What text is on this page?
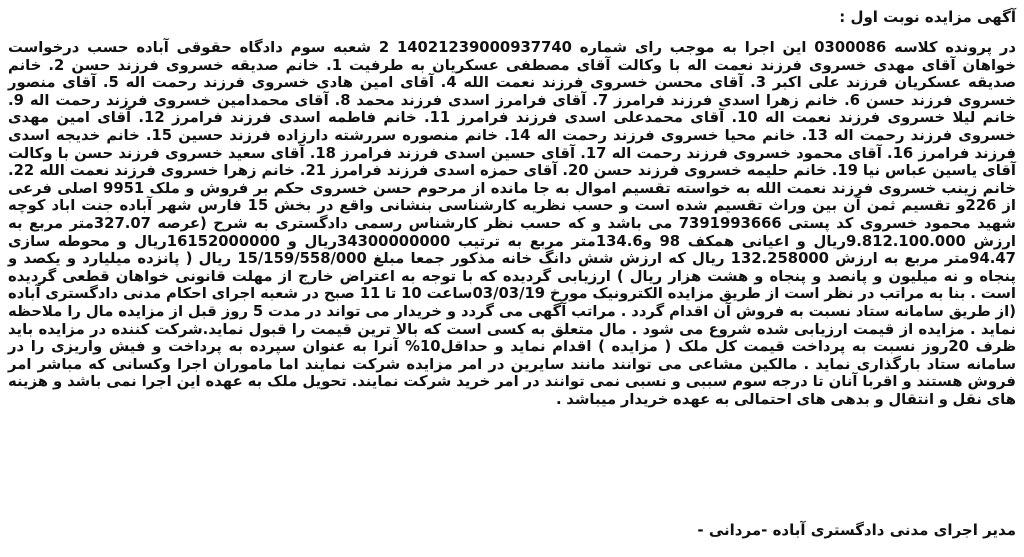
آگهی مزایده نوبت اول :
در پرونده کلاسه 0300086 این اجرا به موجب رای شماره 14021239000937740 2 شعبه سوم دادگاه حقوقی آباده حسب درخواست خواهان آقای مهدی خسروی فرزند نعمت اله با وکالت آقای مصطفی عسکریان به طرفیت 1. خانم صدیقه خسروی فرزند حسن 2. خانم صدیقه عسکریان فرزند علی اکبر 3. آقای محسن خسروی فرزند نعمت الله 4. آقای امین هادی خسروی فرزند رحمت اله 5. آقای منصور خسروی فرزند حسن 6. خانم زهرا اسدی فرزند فرامرز 7. آقای فرامرز اسدی فرزند محمد 8. آقای محمدامین خسروی فرزند رحمت اله 9. خانم لیلا خسروی فرزند نعمت اله 10. آقای محمدعلی اسدی فرزند فرامرز 11. خانم فاطمه اسدی فرزند فرامرز 12. آقای امین مهدی خسروی فرزند رحمت اله 13. خانم محیا خسروی فرزند رحمت اله 14. خانم منصوره سررشته دارزاده فرزند حسین 15. خانم خدیجه اسدی فرزند فرامرز 16. آقای محمود خسروی فرزند رحمت اله 17. آقای حسین اسدی فرزند فرامرز 18. آقای سعید خسروی فرزند حسن با وکالت آقای یاسین عباس نیا 19. خانم حلیمه خسروی فرزند حسن 20. آقای حمزه اسدی فرزند فرامرز 21. خانم زهرا خسروی فرزند نعمت الله 22. خانم زینب خسروی فرزند نعمت الله به خواسته تقسیم اموال به جا مانده از مرحوم حسن خسروی حکم بر فروش و ملک 9951 اصلی فرعی از 226و تقسیم ثمن آن بین وراث تقسیم شده است و حسب نظریه کارشناسی بنشانی واقع در بخش 15 فارس شهر آباده جنت اباد کوچه شهید محمود خسروی کد پستی 7391993666 می باشد و که حسب نظر کارشناس رسمی دادگستری به شرح (عرصه 327.07متر مربع به ارزش 9.812.100.000ریال و اعیانی همکف 98 و134.6متر مربع به ترتیب 34300000000ریال و 16152000000ریال و محوطه سازی 94.47متر مربع به ارزش 132.258000 ریال که ارزش شش دانگ خانه مذکور جمعا مبلغ 15/159/558/000 ریال ( پانزده میلیارد و یکصد و پنجاه و نه میلیون و پانصد و پنجاه و هشت هزار ریال ) ارزیابی گردیده که با توجه به اعتراض خارج از مهلت قانونی خواهان قطعی گردیده است . بنا به مراتب در نظر است از طریق مزایده الکترونیک مورخ 03/03/19ساعت 10 تا 11 صبح در شعبه اجرای احکام مدنی دادگستری آباده (از طریق سامانه ستاد نسبت به فروش آن اقدام گردد . مراتب آگهی می گردد و خریدار می تواند در مدت 5 روز قبل از مزایده مال را ملاحظه نماید . مزایده از قیمت ارزیابی شده شروع می شود . مال متعلق به کسی است که بالا ترین قیمت را قبول نماید.شرکت کننده در مزایده باید ظرف 20روز نسبت به پرداخت قیمت کل ملک ( مزایده ) اقدام نماید و حداقل10% آنرا به عنوان سپرده به پرداخت و فیش واریزی را در سامانه ستاد بارگذاری نماید . مالکین مشاعی می توانند مانند سایرین در امر مزایده شرکت نمایند اما ماموران اجرا وکسانی که مباشر امر فروش هستند و اقربا آنان تا درجه سوم سببی و نسبی نمی توانند در امر خرید شرکت نمایند. تحویل ملک به عهده این اجرا نمی باشد و هزینه های نقل و انتقال و بدهی های احتمالی به عهده خریدار میباشد .
مدیر اجرای مدنی دادگستری آباده -مردانی -
